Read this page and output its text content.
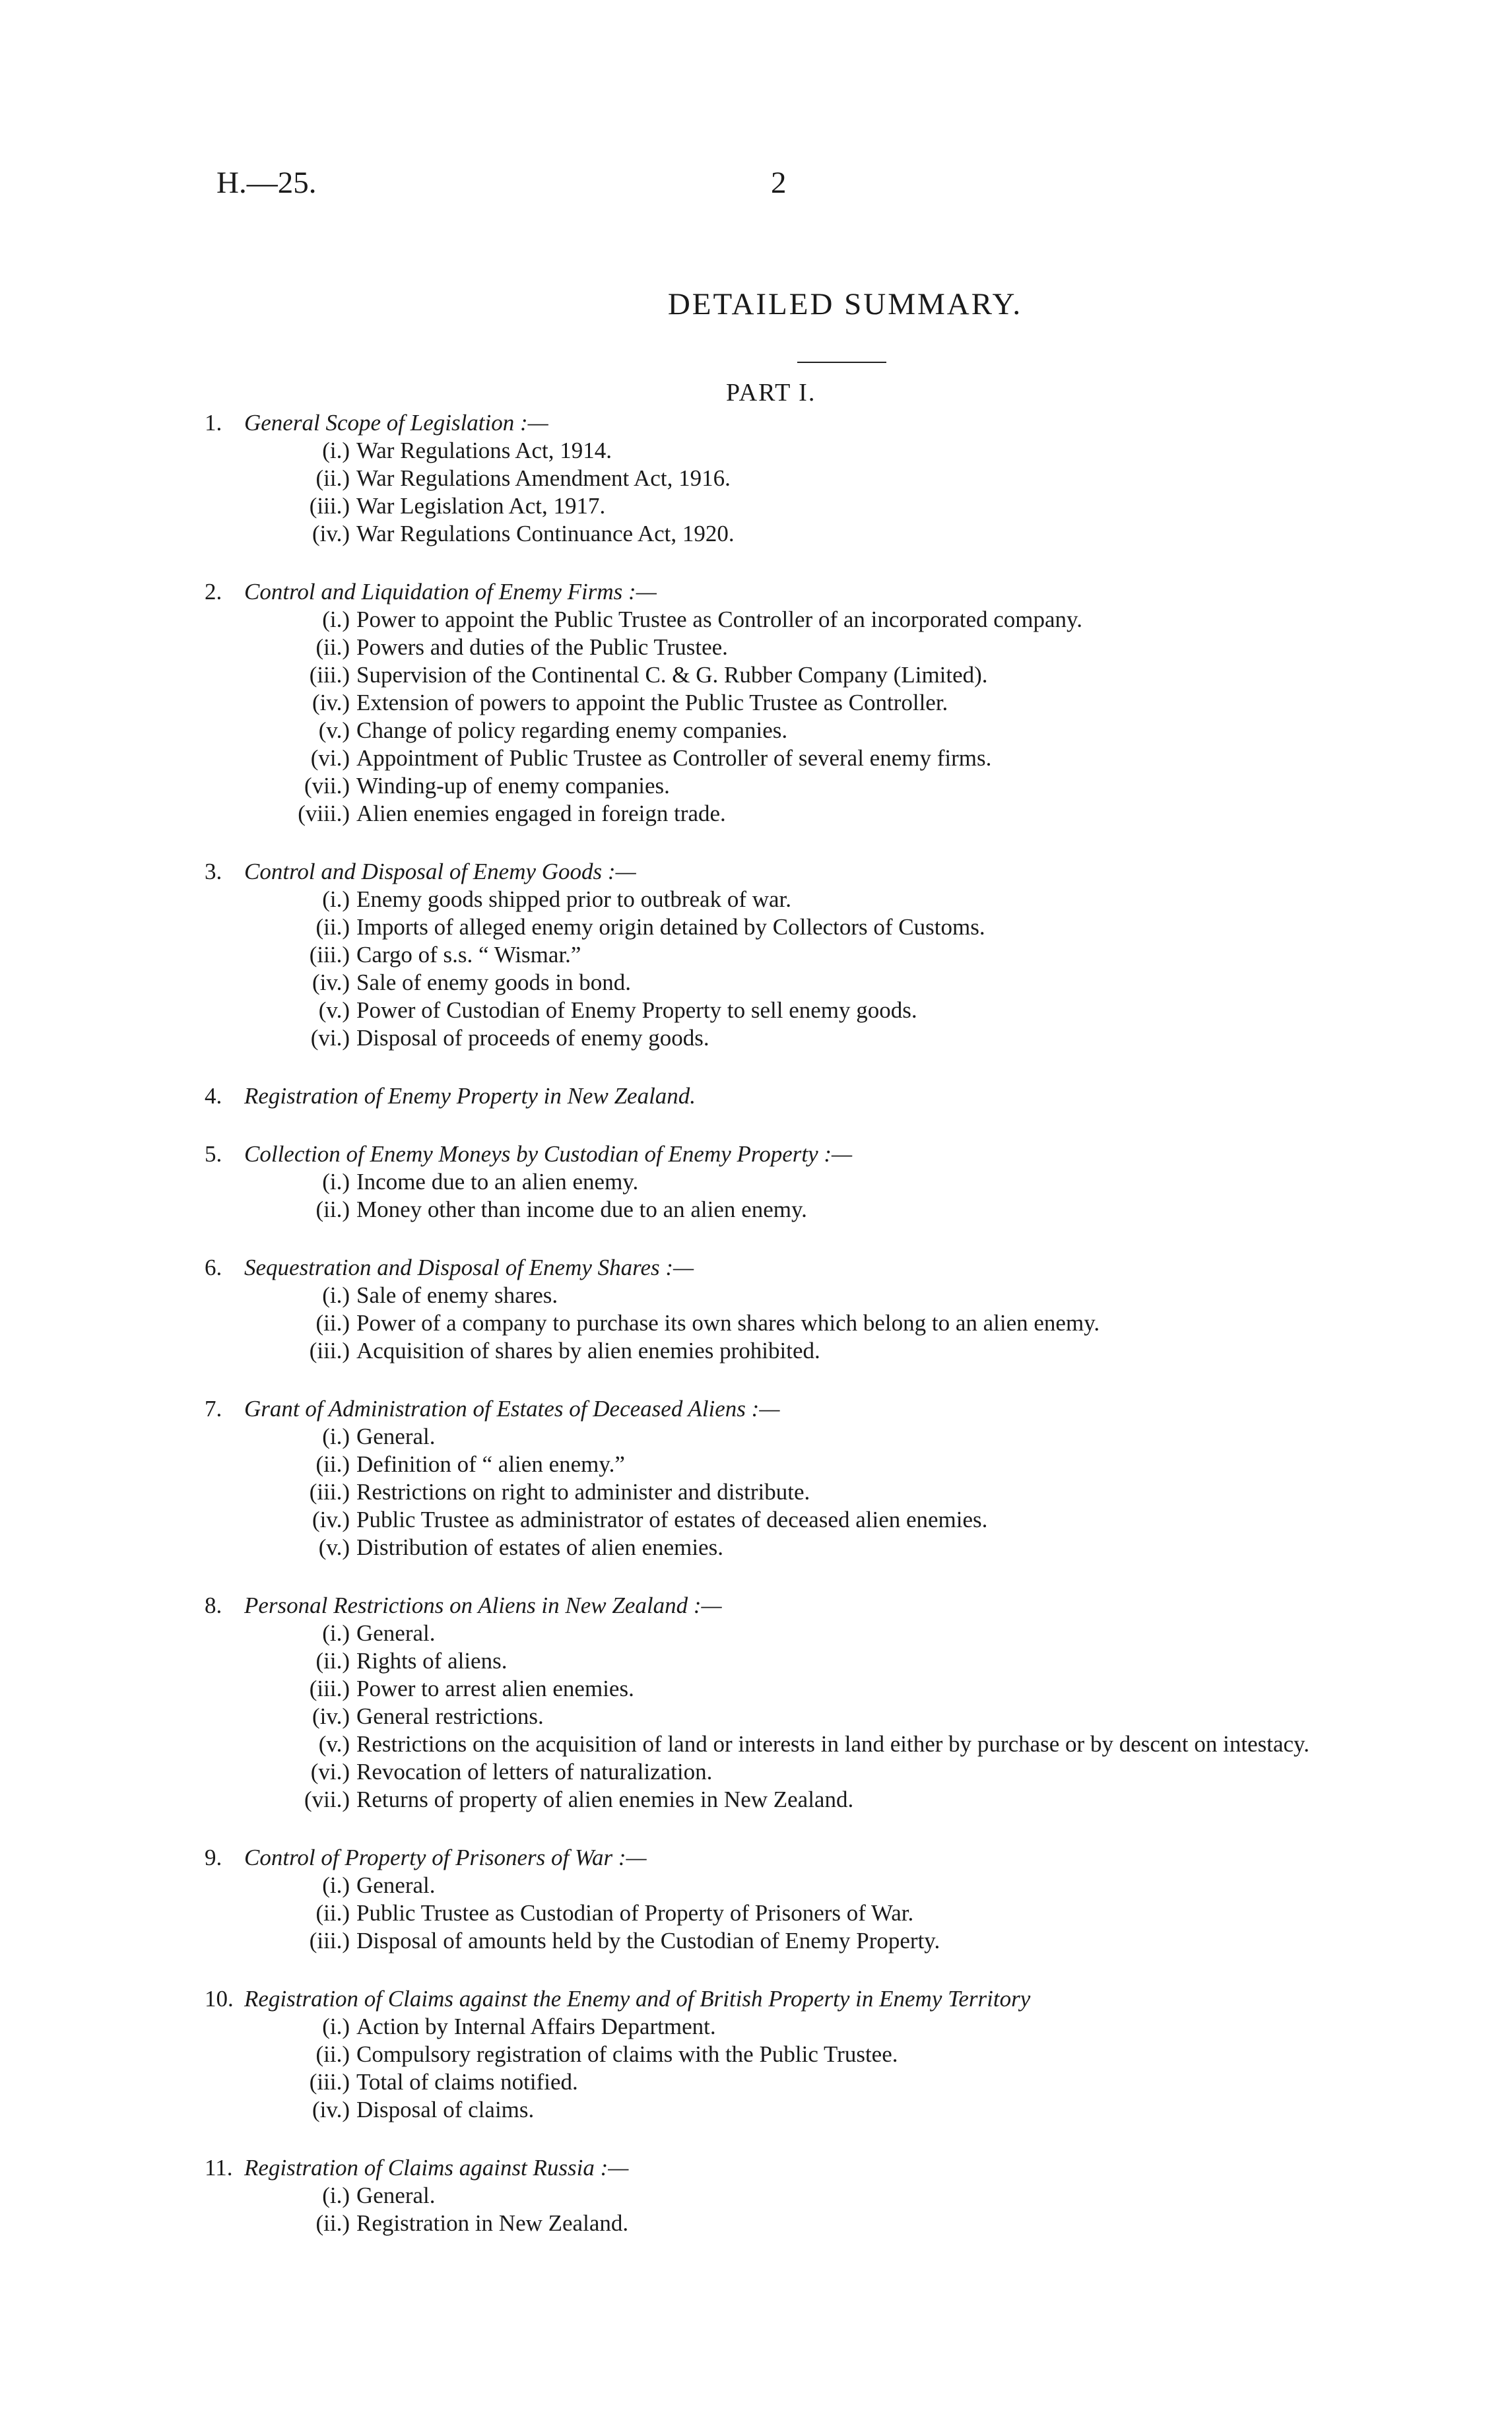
H.—25.	2
DETAILED SUMMARY.
PART I.
1. General Scope of Legislation :—
(i.) War Regulations Act, 1914.
(ii.) War Regulations Amendment Act, 1916.
(iii.) War Legislation Act, 1917.
(iv.) War Regulations Continuance Act, 1920.
2. Control and Liquidation of Enemy Firms :—
(i.) Power to appoint the Public Trustee as Controller of an incorporated company.
(ii.) Powers and duties of the Public Trustee.
(iii.) Supervision of the Continental C. & G. Rubber Company (Limited).
(iv.) Extension of powers to appoint the Public Trustee as Controller.
(v.) Change of policy regarding enemy companies.
(vi.) Appointment of Public Trustee as Controller of several enemy firms.
(vii.) Winding-up of enemy companies.
(viii.) Alien enemies engaged in foreign trade.
3. Control and Disposal of Enemy Goods :—
(i.) Enemy goods shipped prior to outbreak of war.
(ii.) Imports of alleged enemy origin detained by Collectors of Customs.
(iii.) Cargo of s.s. “ Wismar.”
(iv.) Sale of enemy goods in bond.
(v.) Power of Custodian of Enemy Property to sell enemy goods.
(vi.) Disposal of proceeds of enemy goods.
4. Registration of Enemy Property in New Zealand.
5. Collection of Enemy Moneys by Custodian of Enemy Property :—
(i.) Income due to an alien enemy.
(ii.) Money other than income due to an alien enemy.
6. Sequestration and Disposal of Enemy Shares :—
(i.) Sale of enemy shares.
(ii.) Power of a company to purchase its own shares which belong to an alien enemy.
(iii.) Acquisition of shares by alien enemies prohibited.
7. Grant of Administration of Estates of Deceased Aliens :—
(i.) General.
(ii.) Definition of “ alien enemy.”
(iii.) Restrictions on right to administer and distribute.
(iv.) Public Trustee as administrator of estates of deceased alien enemies.
(v.) Distribution of estates of alien enemies.
8. Personal Restrictions on Aliens in New Zealand :—
(i.) General.
(ii.) Rights of aliens.
(iii.) Power to arrest alien enemies.
(iv.) General restrictions.
(v.) Restrictions on the acquisition of land or interests in land either by purchase or by descent on intestacy.
(vi.) Revocation of letters of naturalization.
(vii.) Returns of property of alien enemies in New Zealand.
9. Control of Property of Prisoners of War :—
(i.) General.
(ii.) Public Trustee as Custodian of Property of Prisoners of War.
(iii.) Disposal of amounts held by the Custodian of Enemy Property.
10. Registration of Claims against the Enemy and of British Property in Enemy Territory
(i.) Action by Internal Affairs Department.
(ii.) Compulsory registration of claims with the Public Trustee.
(iii.) Total of claims notified.
(iv.) Disposal of claims.
11. Registration of Claims against Russia :—
(i.) General.
(ii.) Registration in New Zealand.
